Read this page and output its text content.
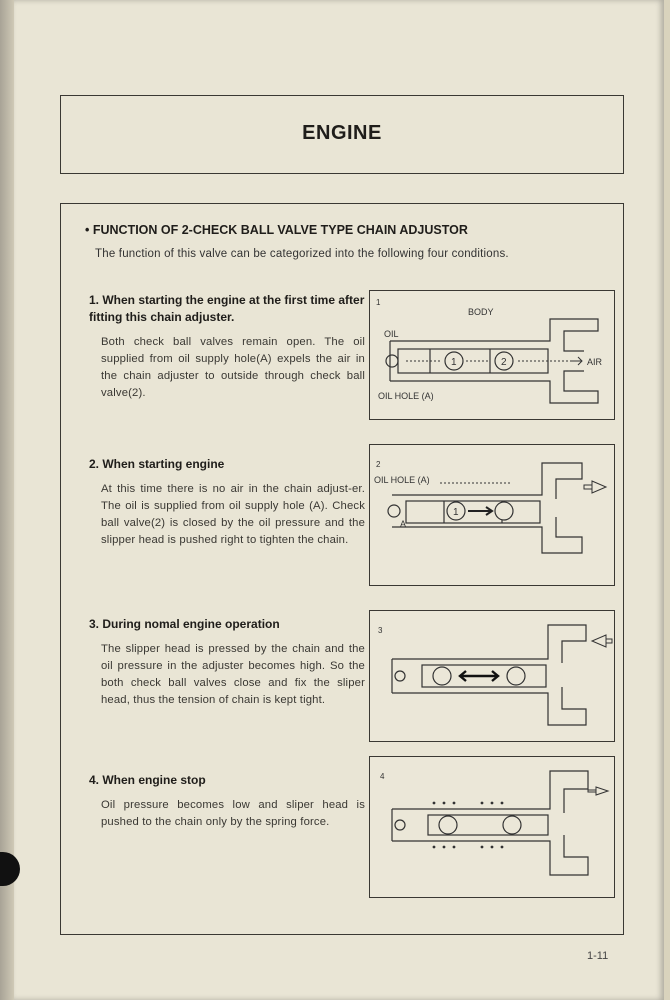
ENGINE
• FUNCTION OF 2-CHECK BALL VALVE TYPE CHAIN ADJUSTOR
The function of this valve can be categorized into the following four conditions.
1. When starting the engine at the first time after fitting this chain adjuster.
Both check ball valves remain open. The oil supplied from oil supply hole(A) expels the air in the chain adjuster to outside through check ball valve(2).
1
BODY
OIL
AIR
OIL HOLE (A)
1	2
2. When starting engine
At this time there is no air in the chain adjust-er. The oil is supplied from oil supply hole (A). Check ball valve(2) is closed by the oil pressure and the slipper head is pushed right to tighten the chain.
2
OIL HOLE (A)
A
1
3. During nomal engine operation
The slipper head is pressed by the chain and the oil pressure in the adjuster becomes high. So the both check ball valves close and fix the sliper head, thus the tension of chain is kept tight.
3
4. When engine stop
Oil pressure becomes low and sliper head is pushed to the chain only by the spring force.
4
1-11
